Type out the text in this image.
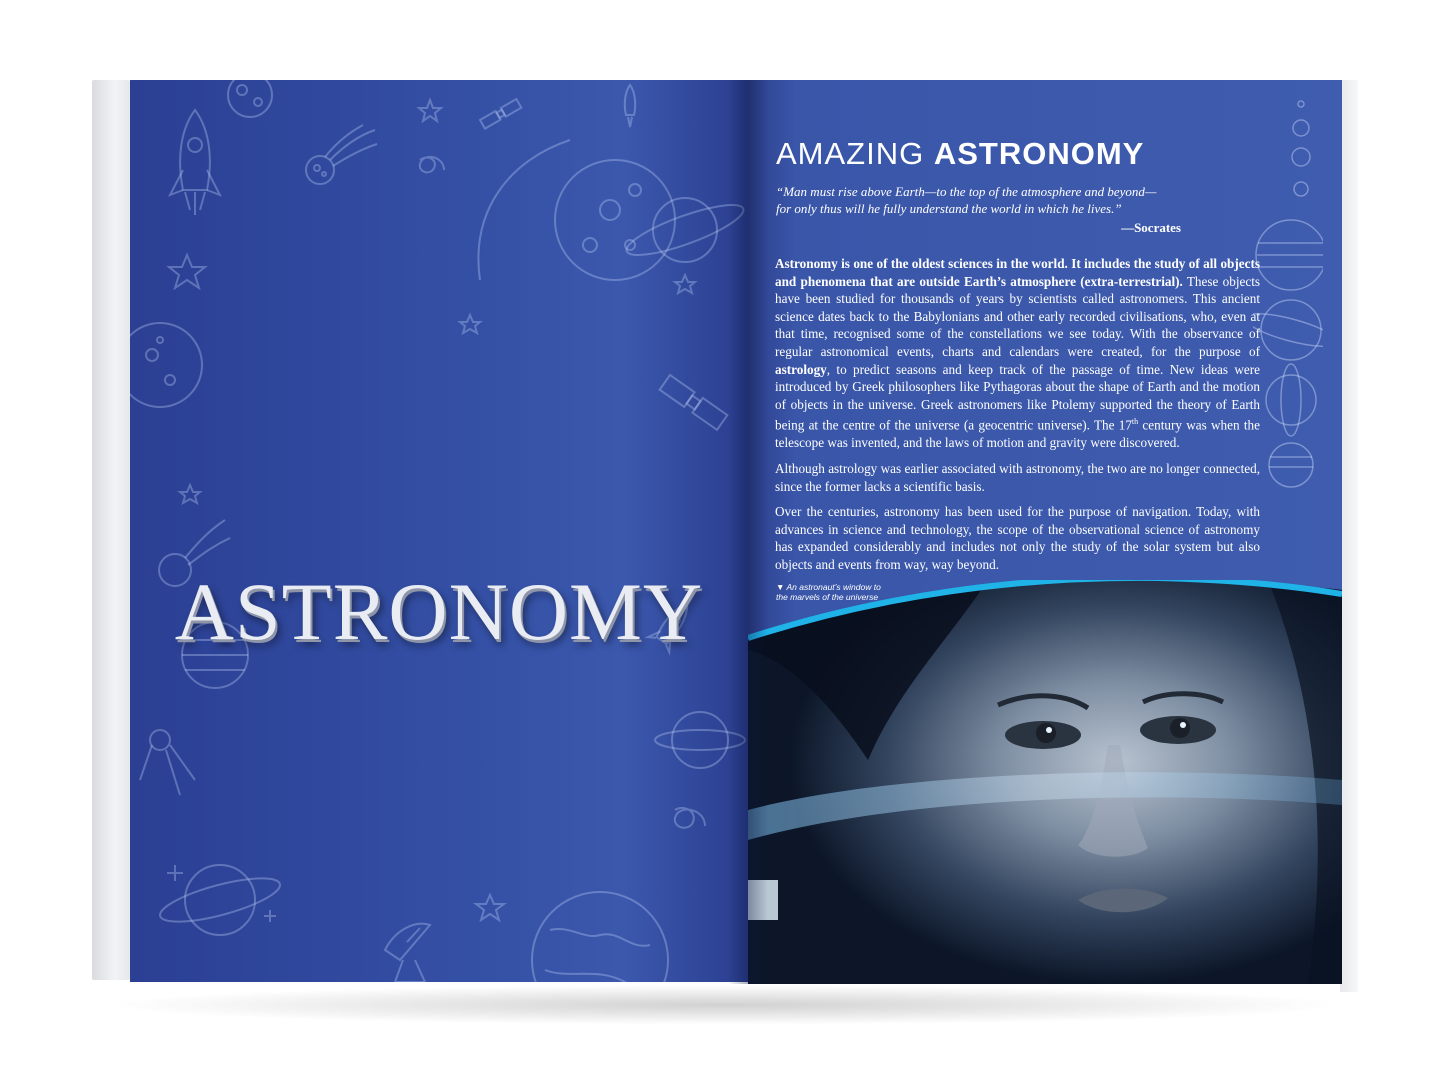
ASTRONOMY
AMAZING ASTRONOMY
“Man must rise above Earth—to the top of the atmosphere and beyond—
for only thus will he fully understand the world in which he lives.”
—Socrates

Astronomy is one of the oldest sciences in the world. It includes the study of all objects and phenomena that are outside Earth’s atmosphere (extra-terrestrial). These objects have been studied for thousands of years by scientists called astronomers. This ancient science dates back to the Babylonians and other early recorded civilisations, who, even at that time, recognised some of the constellations we see today. With the observance of regular astronomical events, charts and calendars were created, for the purpose of astrology, to predict seasons and keep track of the passage of time. New ideas were introduced by Greek philosophers like Pythagoras about the shape of Earth and the motion of objects in the universe. Greek astronomers like Ptolemy supported the theory of Earth being at the centre of the universe (a geocentric universe). The 17th century was when the telescope was invented, and the laws of motion and gravity were discovered.

Although astrology was earlier associated with astronomy, the two are no longer connected, since the former lacks a scientific basis.

Over the centuries, astronomy has been used for the purpose of navigation. Today, with advances in science and technology, the scope of the observational science of astronomy has expanded considerably and includes not only the study of the solar system but also objects and events from way, way beyond.

▼ An astronaut’s window to the marvels of the universe
